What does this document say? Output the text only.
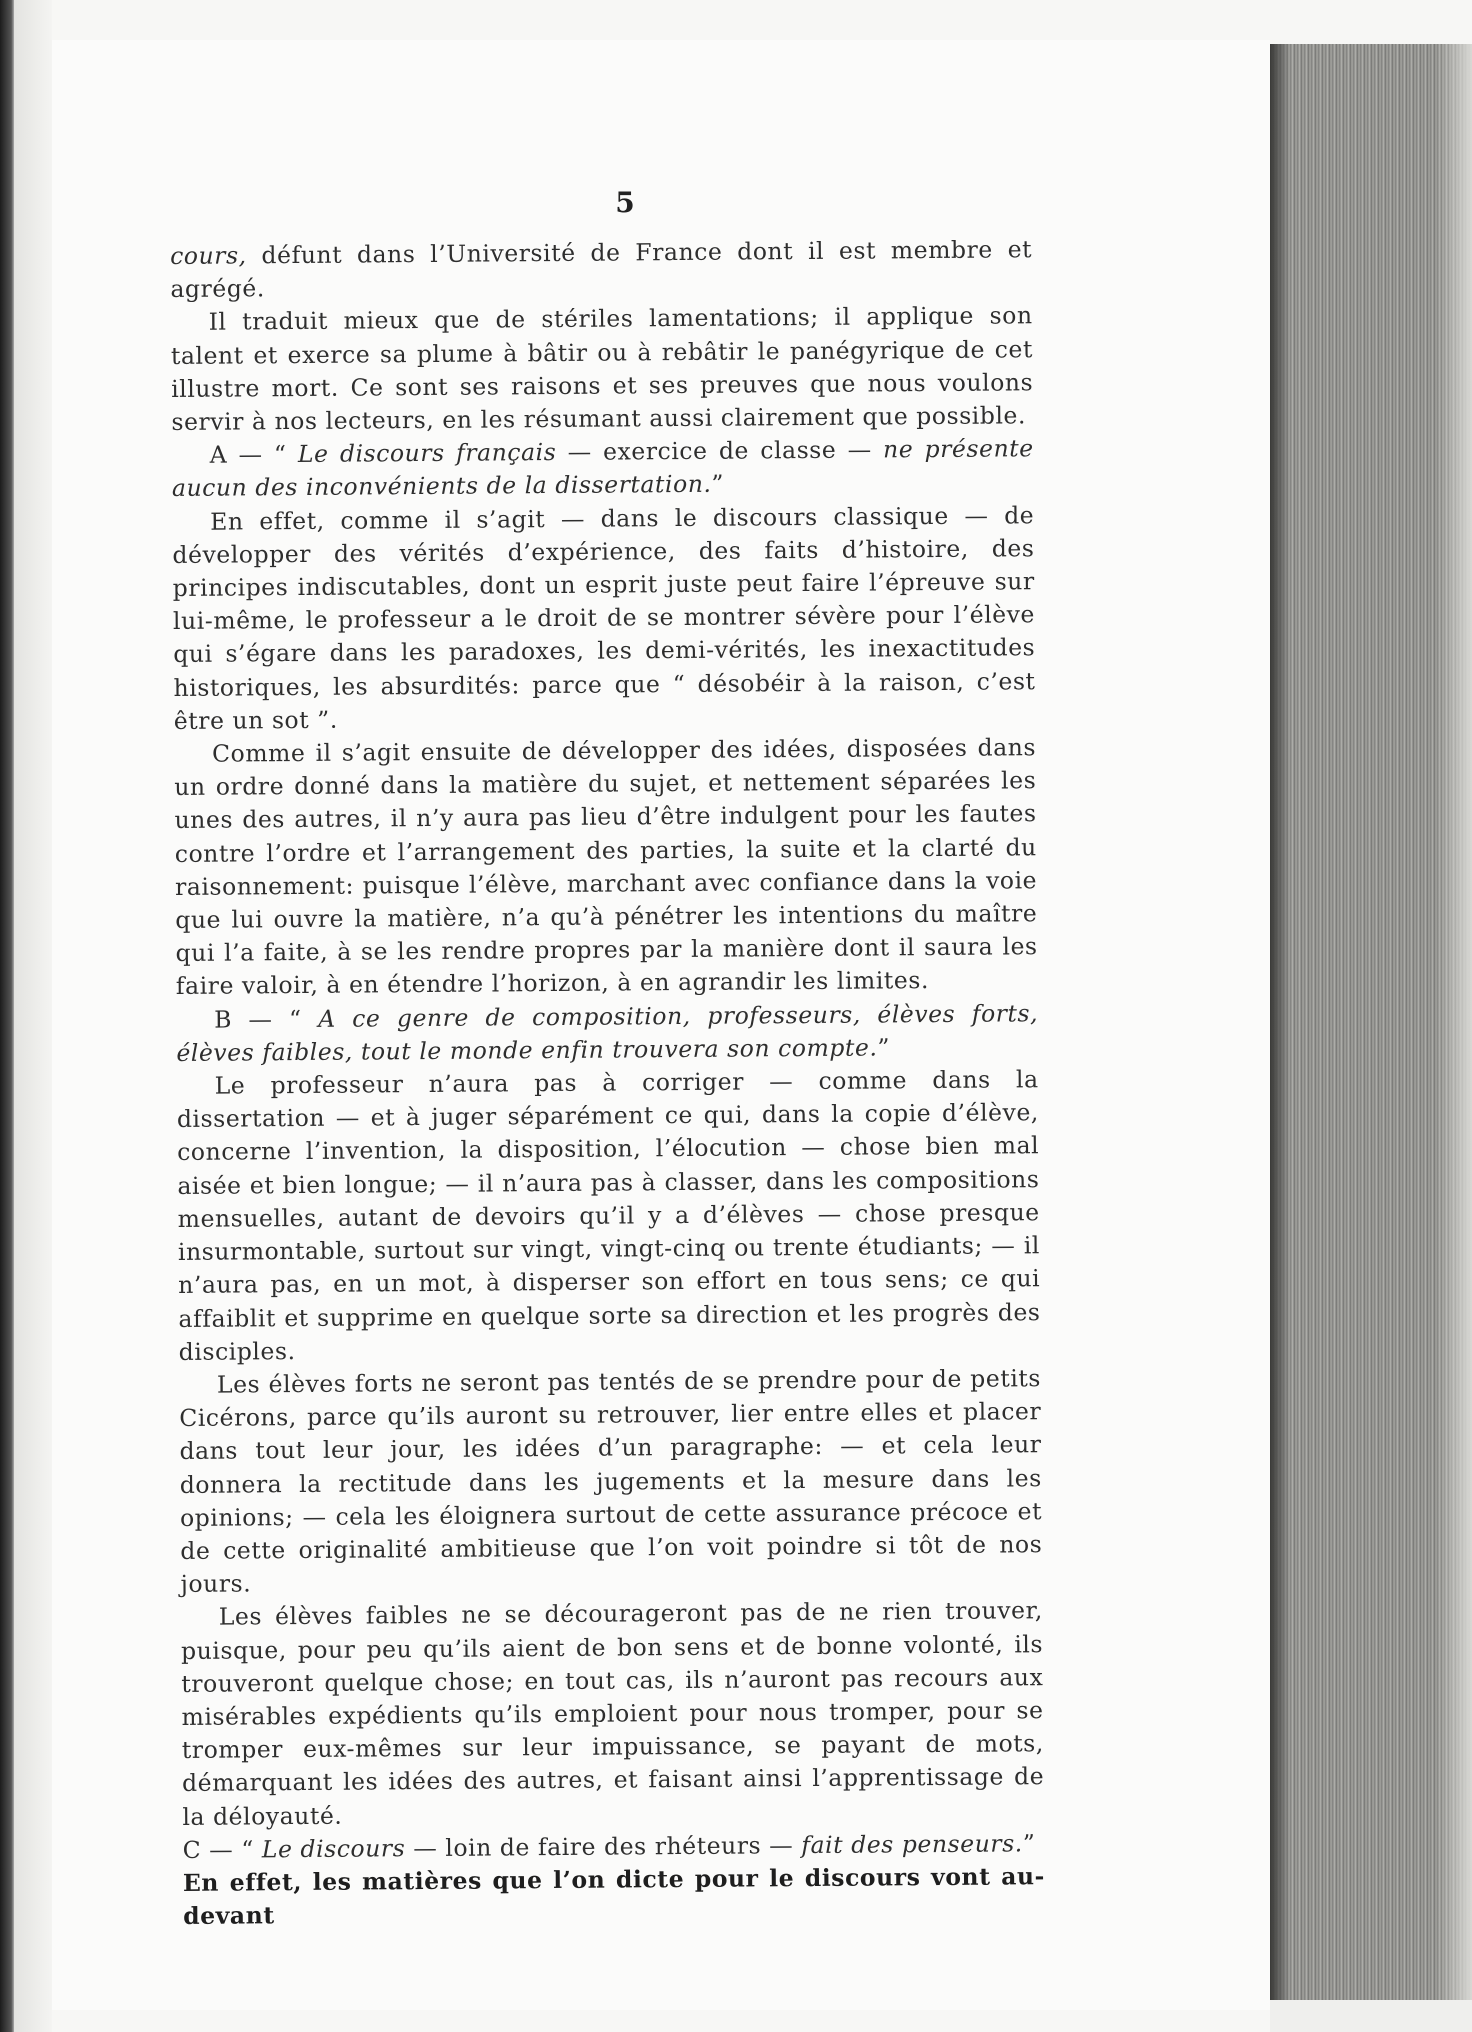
5

cours, défunt dans l’Université de France dont il est membre et agrégé.

Il traduit mieux que de stériles lamentations; il applique son talent et exerce sa plume à bâtir ou à rebâtir le panégyrique de cet illustre mort. Ce sont ses raisons et ses preuves que nous voulons servir à nos lecteurs, en les résumant aussi clairement que possible.

A — “ Le discours français — exercice de classe — ne présente aucun des inconvénients de la dissertation.”

En effet, comme il s’agit — dans le discours classique — de développer des vérités d’expérience, des faits d’histoire, des principes indiscutables, dont un esprit juste peut faire l’épreuve sur lui-même, le professeur a le droit de se montrer sévère pour l’élève qui s’égare dans les paradoxes, les demi-vérités, les inexactitudes historiques, les absurdités: parce que “ désobéir à la raison, c’est être un sot ”.

Comme il s’agit ensuite de développer des idées, disposées dans un ordre donné dans la matière du sujet, et nettement séparées les unes des autres, il n’y aura pas lieu d’être indulgent pour les fautes contre l’ordre et l’arrangement des parties, la suite et la clarté du raisonnement: puisque l’élève, marchant avec confiance dans la voie que lui ouvre la matière, n’a qu’à pénétrer les intentions du maître qui l’a faite, à se les rendre propres par la manière dont il saura les faire valoir, à en étendre l’horizon, à en agrandir les limites.

B — “ A ce genre de composition, professeurs, élèves forts, élèves faibles, tout le monde enfin trouvera son compte.”

Le professeur n’aura pas à corriger — comme dans la dissertation — et à juger séparément ce qui, dans la copie d’élève, concerne l’invention, la disposition, l’élocution — chose bien mal aisée et bien longue; — il n’aura pas à classer, dans les compositions mensuelles, autant de devoirs qu’il y a d’élèves — chose presque insurmontable, surtout sur vingt, vingt-cinq ou trente étudiants; — il n’aura pas, en un mot, à disperser son effort en tous sens; ce qui affaiblit et supprime en quelque sorte sa direction et les progrès des disciples.

Les élèves forts ne seront pas tentés de se prendre pour de petits Cicérons, parce qu’ils auront su retrouver, lier entre elles et placer dans tout leur jour, les idées d’un paragraphe: — et cela leur donnera la rectitude dans les jugements et la mesure dans les opinions; — cela les éloignera surtout de cette assurance précoce et de cette originalité ambitieuse que l’on voit poindre si tôt de nos jours.

Les élèves faibles ne se décourageront pas de ne rien trouver, puisque, pour peu qu’ils aient de bon sens et de bonne volonté, ils trouveront quelque chose; en tout cas, ils n’auront pas recours aux misérables expédients qu’ils emploient pour nous tromper, pour se tromper eux-mêmes sur leur impuissance, se payant de mots, démarquant les idées des autres, et faisant ainsi l’apprentissage de la déloyauté.

C — “ Le discours — loin de faire des rhéteurs — fait des penseurs.”

En effet, les matières que l’on dicte pour le discours vont au-devant
